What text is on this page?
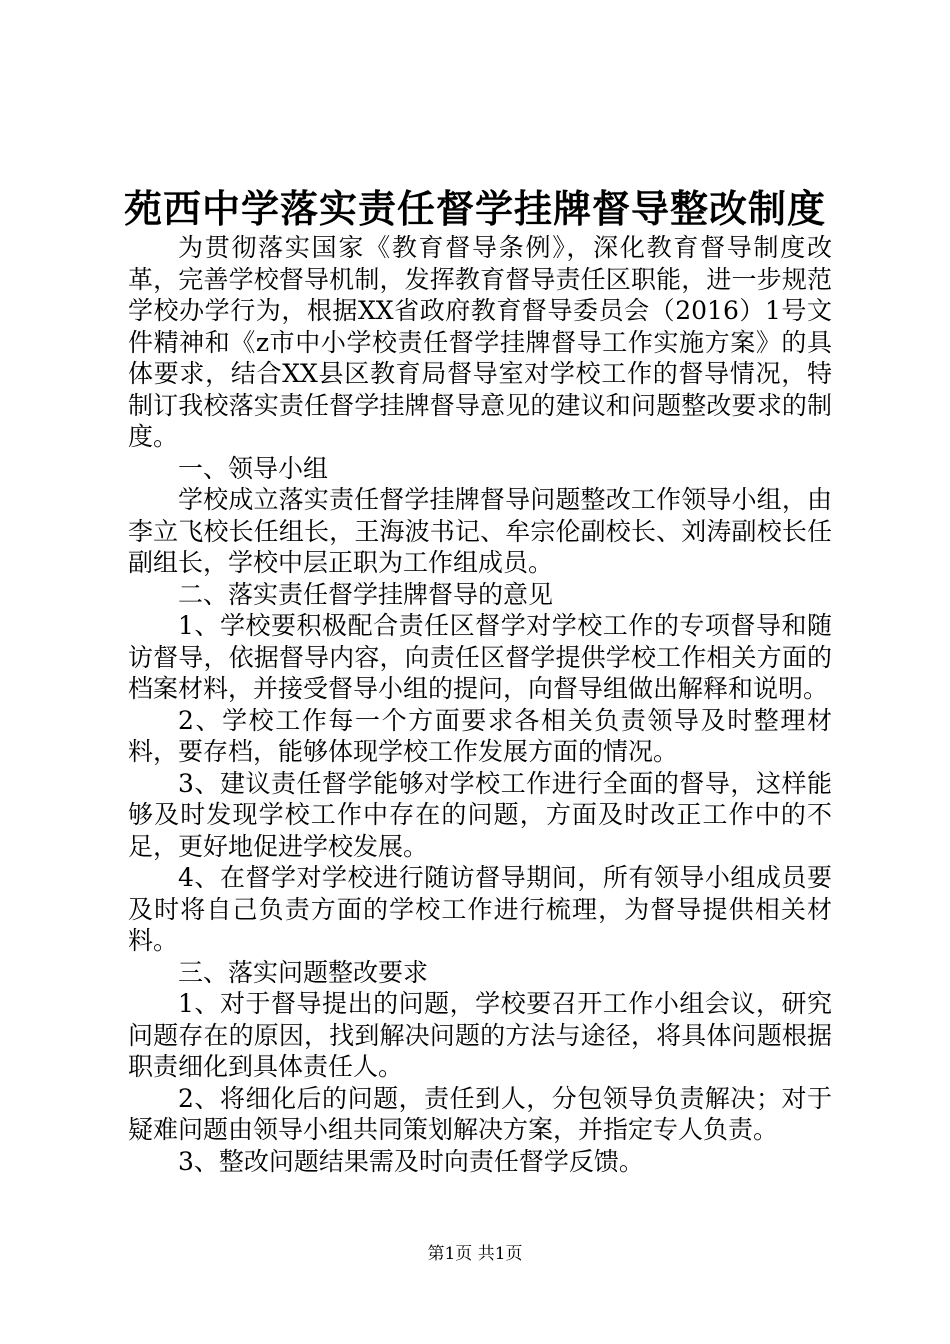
苑西中学落实责任督学挂牌督导整改制度

为贯彻落实国家《教育督导条例》，深化教育督导制度改革，完善学校督导机制，发挥教育督导责任区职能，进一步规范学校办学行为，根据XX省政府教育督导委员会（2016）1号文件精神和《z市中小学校责任督学挂牌督导工作实施方案》的具体要求，结合XX县区教育局督导室对学校工作的督导情况，特制订我校落实责任督学挂牌督导意见的建议和问题整改要求的制度。

一、领导小组

学校成立落实责任督学挂牌督导问题整改工作领导小组，由李立飞校长任组长，王海波书记、牟宗伦副校长、刘涛副校长任副组长，学校中层正职为工作组成员。

二、落实责任督学挂牌督导的意见

1、学校要积极配合责任区督学对学校工作的专项督导和随访督导，依据督导内容，向责任区督学提供学校工作相关方面的档案材料，并接受督导小组的提问，向督导组做出解释和说明。

2、学校工作每一个方面要求各相关负责领导及时整理材料，要存档，能够体现学校工作发展方面的情况。

3、建议责任督学能够对学校工作进行全面的督导，这样能够及时发现学校工作中存在的问题，方面及时改正工作中的不足，更好地促进学校发展。

4、在督学对学校进行随访督导期间，所有领导小组成员要及时将自己负责方面的学校工作进行梳理，为督导提供相关材料。

三、落实问题整改要求

1、对于督导提出的问题，学校要召开工作小组会议，研究问题存在的原因，找到解决问题的方法与途径，将具体问题根据职责细化到具体责任人。

2、将细化后的问题，责任到人，分包领导负责解决；对于疑难问题由领导小组共同策划解决方案，并指定专人负责。

3、整改问题结果需及时向责任督学反馈。

第1页 共1页
